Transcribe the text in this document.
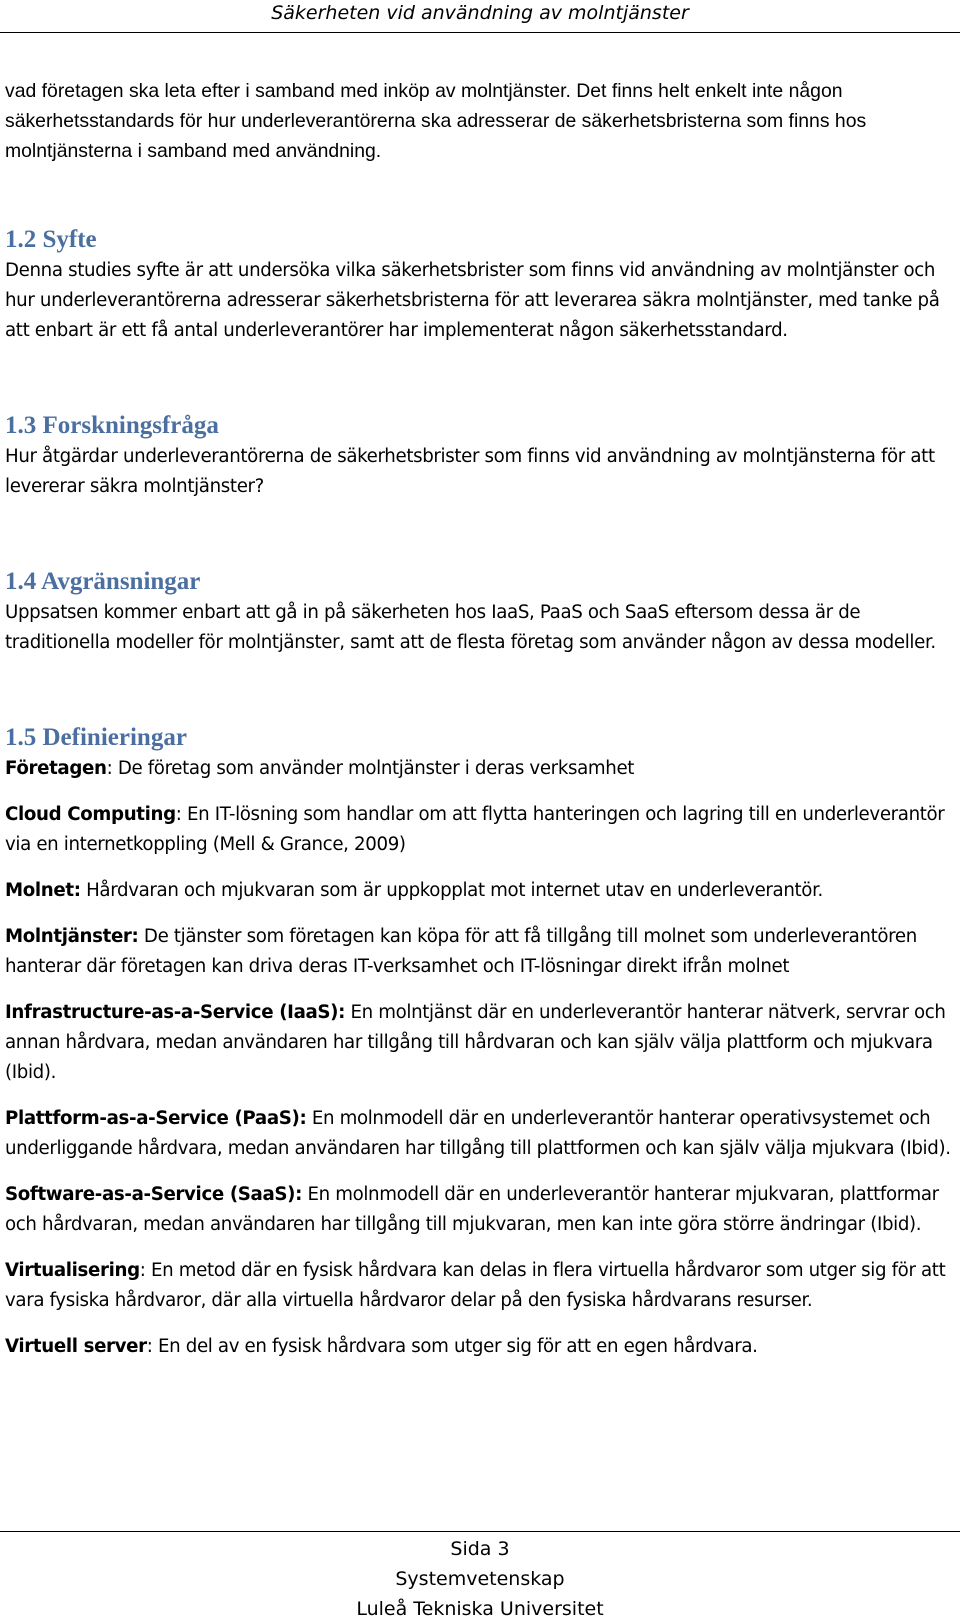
Säkerheten vid användning av molntjänster

vad företagen ska leta efter i samband med inköp av molntjänster. Det finns helt enkelt inte någon säkerhetsstandards för hur underleverantörerna ska adresserar de säkerhetsbristerna som finns hos molntjänsterna i samband med användning.

1.2 Syfte

Denna studies syfte är att undersöka vilka säkerhetsbrister som finns vid användning av molntjänster och hur underleverantörerna adresserar säkerhetsbristerna för att leverarea säkra molntjänster, med tanke på att enbart är ett få antal underleverantörer har implementerat någon säkerhetsstandard.

1.3 Forskningsfråga

Hur åtgärdar underleverantörerna de säkerhetsbrister som finns vid användning av molntjänsterna för att levererar säkra molntjänster?

1.4 Avgränsningar

Uppsatsen kommer enbart att gå in på säkerheten hos IaaS, PaaS och SaaS eftersom dessa är de traditionella modeller för molntjänster, samt att de flesta företag som använder någon av dessa modeller.

1.5 Definieringar

Företagen: De företag som använder molntjänster i deras verksamhet

Cloud Computing: En IT-lösning som handlar om att flytta hanteringen och lagring till en underleverantör via en internetkoppling (Mell & Grance, 2009)

Molnet: Hårdvaran och mjukvaran som är uppkopplat mot internet utav en underleverantör.

Molntjänster: De tjänster som företagen kan köpa för att få tillgång till molnet som underleverantören hanterar där företagen kan driva deras IT-verksamhet och IT-lösningar direkt ifrån molnet

Infrastructure-as-a-Service (IaaS): En molntjänst där en underleverantör hanterar nätverk, servrar och annan hårdvara, medan användaren har tillgång till hårdvaran och kan själv välja plattform och mjukvara (Ibid).

Plattform-as-a-Service (PaaS): En molnmodell där en underleverantör hanterar operativsystemet och underliggande hårdvara, medan användaren har tillgång till plattformen och kan själv välja mjukvara (Ibid).

Software-as-a-Service (SaaS): En molnmodell där en underleverantör hanterar mjukvaran, plattformar och hårdvaran, medan användaren har tillgång till mjukvaran, men kan inte göra större ändringar (Ibid).

Virtualisering: En metod där en fysisk hårdvara kan delas in flera virtuella hårdvaror som utger sig för att vara fysiska hårdvaror, där alla virtuella hårdvaror delar på den fysiska hårdvarans resurser.

Virtuell server: En del av en fysisk hårdvara som utger sig för att en egen hårdvara.

Sida 3
Systemvetenskap
Luleå Tekniska Universitet
